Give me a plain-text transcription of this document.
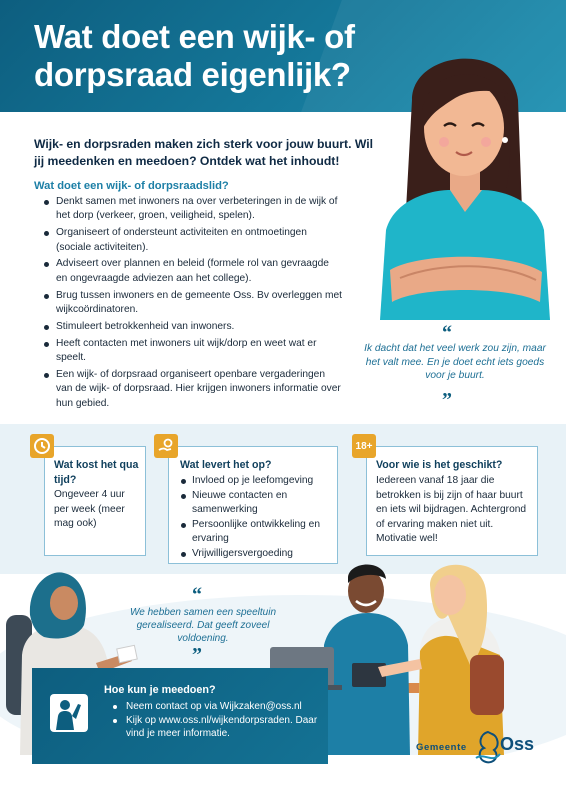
Wat doet een wijk- of dorpsraad eigenlijk?
Wijk- en dorpsraden maken zich sterk voor jouw buurt. Wil jij meedenken en meedoen? Ontdek wat het inhoudt!
Wat doet een wijk- of dorpsraadslid?
Denkt samen met inwoners na over verbeteringen in de wijk of het dorp (verkeer, groen, veiligheid, spelen).
Organiseert of ondersteunt activiteiten en ontmoetingen (sociale activiteiten).
Adviseert over plannen en beleid (formele rol van gevraagde en ongevraagde adviezen aan het college).
Brug tussen inwoners en de gemeente Oss. Bv overleggen met wijkcoördinatoren.
Stimuleert betrokkenheid van inwoners.
Heeft contacten met inwoners uit wijk/dorp en weet wat er speelt.
Een wijk- of dorpsraad organiseert openbare vergaderingen van de wijk- of dorpsraad. Hier krijgen inwoners informatie over hun gebied.
“
Ik dacht dat het veel werk zou zijn, maar het valt mee. En je doet echt iets goeds voor je buurt.
”
Wat kost het qua tijd?
Ongeveer 4 uur per week (meer mag ook)
Wat levert het op?
Invloed op je leefomgeving
Nieuwe contacten en samenwerking
Persoonlijke ontwikkeling en ervaring
Vrijwilligersvergoeding
18+
Voor wie is het geschikt?
Iedereen vanaf 18 jaar die betrokken is bij zijn of haar buurt en iets wil bijdragen. Achtergrond of ervaring maken niet uit. Motivatie wel!
“
We hebben samen een speeltuin gerealiseerd. Dat geeft zoveel voldoening.
”
Hoe kun je meedoen?
Neem contact op via Wijkzaken@oss.nl
Kijk op www.oss.nl/wijkendorpsraden. Daar vind je meer informatie.
Gemeente Oss
